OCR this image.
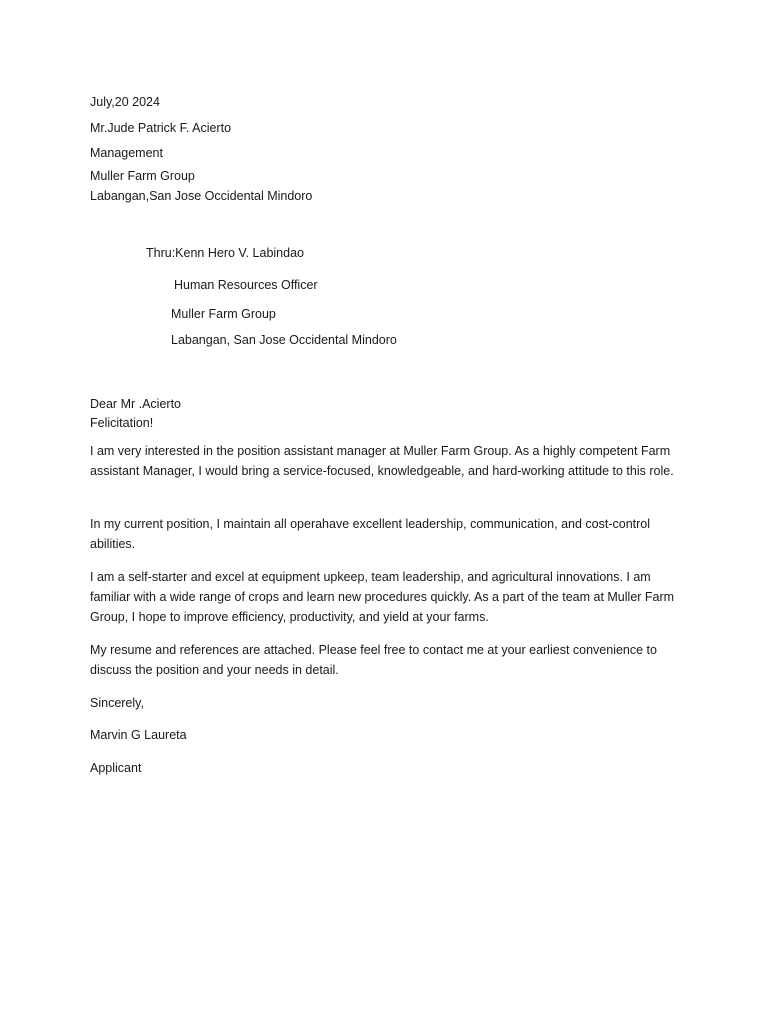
July,20 2024
Mr.Jude Patrick F. Acierto
Management
Muller Farm Group
Labangan,San Jose Occidental Mindoro
Thru:Kenn Hero V. Labindao
Human Resources Officer
Muller Farm Group
Labangan, San Jose Occidental Mindoro
Dear Mr .Acierto
Felicitation!
I am very interested in the position assistant manager at Muller Farm Group. As a highly competent Farm assistant Manager, I would bring a service-focused, knowledgeable, and hard-working attitude to this role.
In my current position, I maintain all operahave excellent leadership, communication, and cost-control abilities.
I am a self-starter and excel at equipment upkeep, team leadership, and agricultural innovations. I am familiar with a wide range of crops and learn new procedures quickly. As a part of the team at Muller Farm Group, I hope to improve efficiency, productivity, and yield at your farms.
My resume and references are attached. Please feel free to contact me at your earliest convenience to discuss the position and your needs in detail.
Sincerely,
Marvin G Laureta
Applicant
